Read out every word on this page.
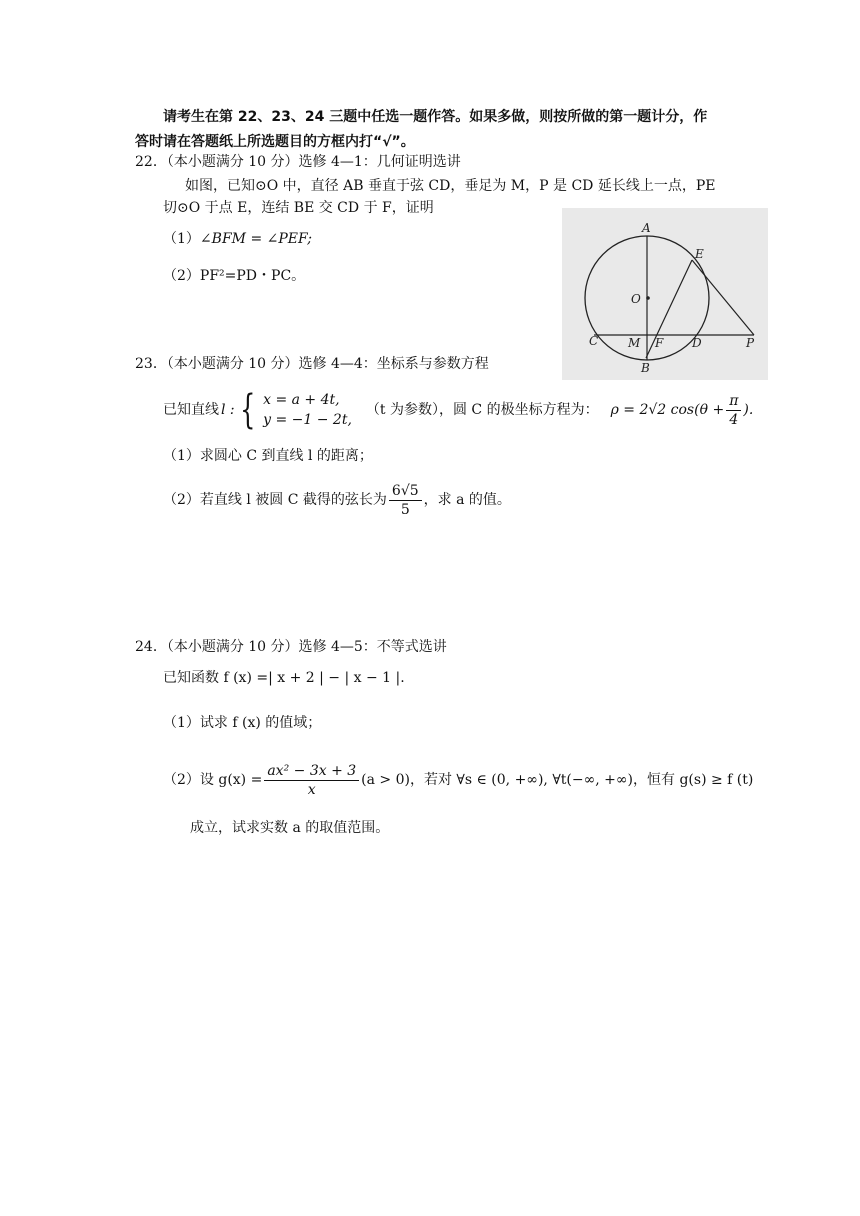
请考生在第 22、23、24 三题中任选一题作答。如果多做，则按所做的第一题计分，作
答时请在答题纸上所选题目的方框内打“√”。
22．（本小题满分 10 分）选修 4—1：几何证明选讲
如图，已知⊙O 中，直径 AB 垂直于弦 CD，垂足为 M，P 是 CD 延长线上一点，PE
切⊙O 于点 E，连结 BE 交 CD 于 F，证明
（1）∠BFM = ∠PEF;
（2）PF²=PD・PC。
A
E
O
C M F D	P
B
23．（本小题满分 10 分）选修 4—4：坐标系与参数方程
已知直线 l : { x = a + 4t,
y = −1 − 2t,
（t 为参数），圆 C 的极坐标方程为： ρ = 2√2 $\cos(\theta + \frac{\pi}{4}$ ).
（1）求圆心 C 到直线 l 的距离；
（2）若直线 l 被圆 C 截得的弦长为 $\frac{6√5}{5}$ ，求 a 的值。
24．（本小题满分 10 分）选修 4—5：不等式选讲
已知函数 f (x) =| x + 2 | − | x − 1 |.
（1）试求 f (x) 的值域；
（2）设 $g(x) = \frac{\text{ax² − 3x + 3}}{x} (a > 0)$，若对 ∀s ∈ (0, +∞), ∀t(−∞, +∞)，恒有 g(s) ≥ f (t)
成立，试求实数 a 的取值范围。
